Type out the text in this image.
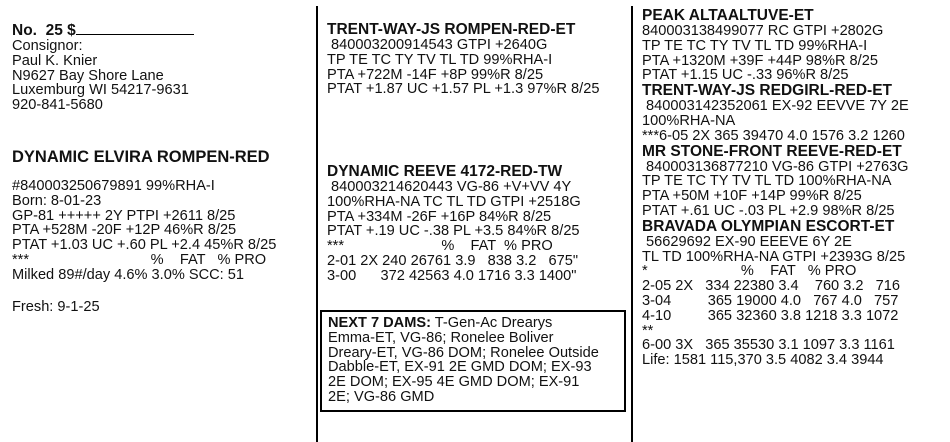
No. 25 $
Consignor:
Paul K. Knier
N9627 Bay Shore Lane
Luxemburg WI 54217-9631
920-841-5680
DYNAMIC ELVIRA ROMPEN-RED
#840003250679891 99%RHA-I
Born: 8-01-23
GP-81 +++++ 2Y PTPI +2611 8/25
PTA +528M -20F +12P 46%R 8/25
PTAT +1.03 UC +.60 PL +2.4 45%R 8/25
***                              %    FAT   % PRO
Milked 89#/day 4.6% 3.0% SCC: 51
Fresh: 9-1-25
TRENT-WAY-JS ROMPEN-RED-ET
840003200914543 GTPI +2640G
TP TE TC TY TV TL TD 99%RHA-I
PTA +722M -14F +8P 99%R 8/25
PTAT +1.87 UC +1.57 PL +1.3 97%R 8/25
DYNAMIC REEVE 4172-RED-TW
840003214620443 VG-86 +V+VV 4Y
100%RHA-NA TC TL TD GTPI +2518G
PTA +334M -26F +16P 84%R 8/25
PTAT +.19 UC -.38 PL +3.5 84%R 8/25
***                        %    FAT  % PRO
2-01 2X 240 26761 3.9   838 3.2   675"
3-00      372 42563 4.0 1716 3.3 1400"
NEXT 7 DAMS: T-Gen-Ac Drearys
Emma-ET, VG-86; Ronelee Boliver
Dreary-ET, VG-86 DOM; Ronelee Outside
Dabble-ET, EX-91 2E GMD DOM; EX-93
2E DOM; EX-95 4E GMD DOM; EX-91
2E; VG-86 GMD
PEAK ALTAALTUVE-ET
840003138499077 RC GTPI +2802G
TP TE TC TY TV TL TD 99%RHA-I
PTA +1320M +39F +44P 98%R 8/25
PTAT +1.15 UC -.33 96%R 8/25
TRENT-WAY-JS REDGIRL-RED-ET
840003142352061 EX-92 EEVVE 7Y 2E
100%RHA-NA
***6-05 2X 365 39470 4.0 1576 3.2 1260
MR STONE-FRONT REEVE-RED-ET
840003136877210 VG-86 GTPI +2763G
TP TE TC TY TV TL TD 100%RHA-NA
PTA +50M +10F +14P 99%R 8/25
PTAT +.61 UC -.03 PL +2.9 98%R 8/25
BRAVADA OLYMPIAN ESCORT-ET
56629692 EX-90 EEEVE 6Y 2E
TL TD 100%RHA-NA GTPI +2393G 8/25
*                       %    FAT   % PRO
2-05 2X   334 22380 3.4    760 3.2   716
3-04         365 19000 4.0   767 4.0   757
4-10         365 32360 3.8 1218 3.3 1072
**
6-00 3X   365 35530 3.1 1097 3.3 1161
Life: 1581 115,370 3.5 4082 3.4 3944
